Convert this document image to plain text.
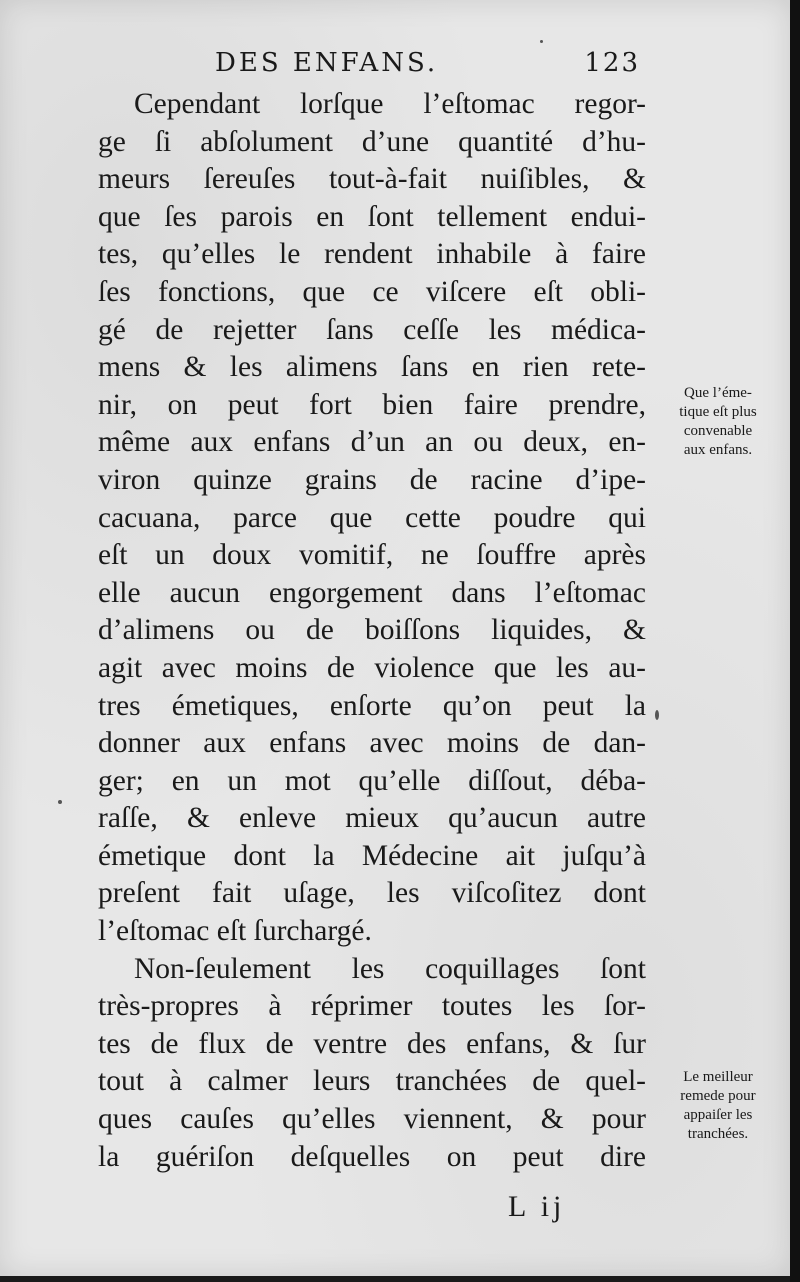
DES ENFANS.	123
Cependant lorſque l’eſtomac regor-
ge ſi abſolument d’une quantité d’hu-
meurs ſereuſes tout-à-fait nuiſibles, &
que ſes parois en ſont tellement endui-
tes, qu’elles le rendent inhabile à faire
ſes fonctions, que ce viſcere eſt obli-
gé de rejetter ſans ceſſe les médica-
mens & les alimens ſans en rien rete-
nir, on peut fort bien faire prendre,
même aux enfans d’un an ou deux, en-
viron quinze grains de racine d’ipe-
cacuana, parce que cette poudre qui
eſt un doux vomitif, ne ſouffre après
elle aucun engorgement dans l’eſtomac
d’alimens ou de boiſſons liquides, &
agit avec moins de violence que les au-
tres émetiques, enſorte qu’on peut la
donner aux enfans avec moins de dan-
ger; en un mot qu’elle diſſout, déba-
raſſe, & enleve mieux qu’aucun autre
émetique dont la Médecine ait juſqu’à
preſent fait uſage, les viſcoſitez dont
l’eſtomac eſt ſurchargé.
Non-ſeulement les coquillages ſont
très-propres à réprimer toutes les ſor-
tes de flux de ventre des enfans, & ſur
tout à calmer leurs tranchées de quel-
ques cauſes qu’elles viennent, & pour
la guériſon deſquelles on peut dire
Que l’éme-
tique eſt plus
convenable
aux enfans.
Le meilleur
remede pour
appaiſer les
tranchées.
L ij
